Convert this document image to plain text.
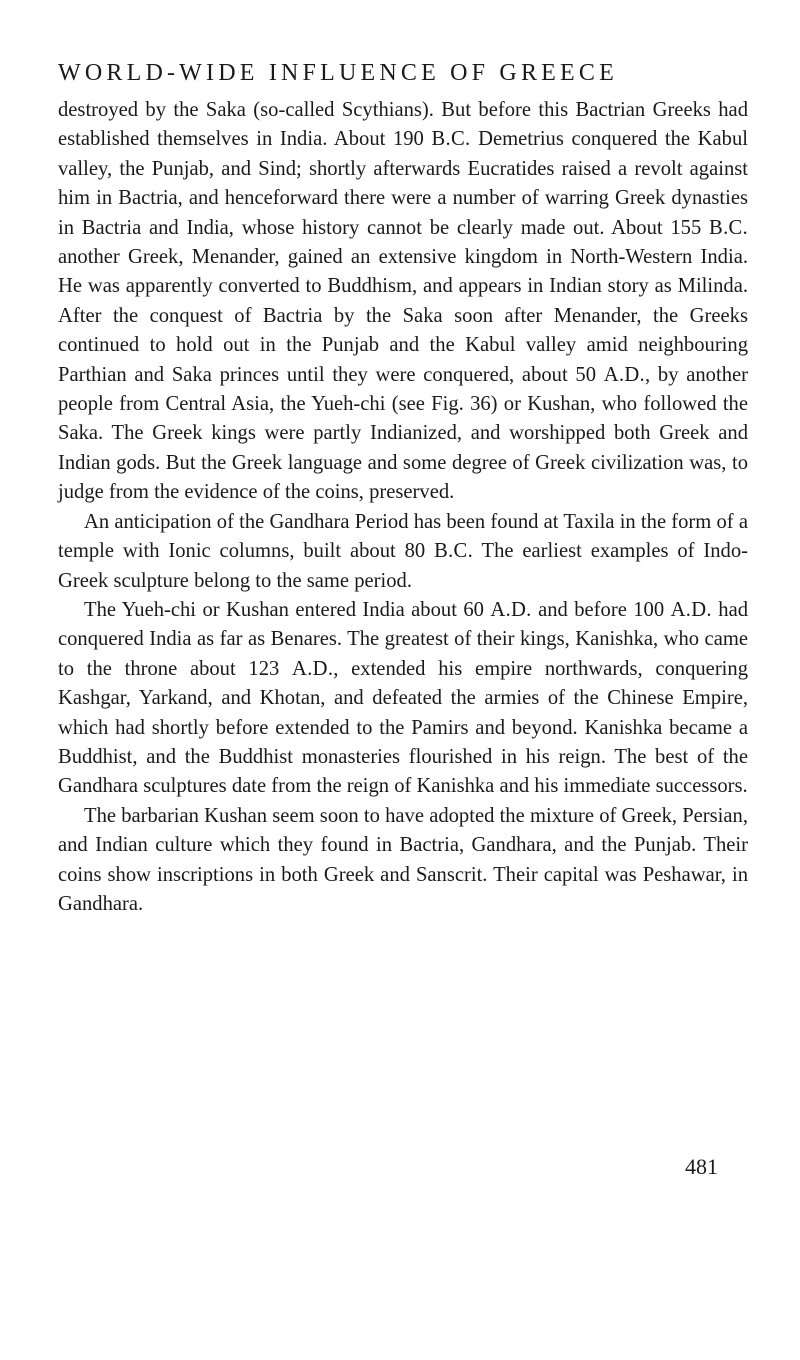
WORLD-WIDE INFLUENCE OF GREECE

destroyed by the Saka (so-called Scythians). But before this Bactrian Greeks had established themselves in India. About 190 B.C. Demetrius conquered the Kabul valley, the Punjab, and Sind; shortly afterwards Eucratides raised a revolt against him in Bactria, and henceforward there were a number of warring Greek dynasties in Bactria and India, whose history cannot be clearly made out. About 155 B.C. another Greek, Menander, gained an extensive kingdom in North-Western India. He was apparently converted to Buddhism, and appears in Indian story as Milinda. After the conquest of Bactria by the Saka soon after Menander, the Greeks continued to hold out in the Punjab and the Kabul valley amid neighbouring Parthian and Saka princes until they were conquered, about 50 A.D., by another people from Central Asia, the Yueh-chi (see Fig. 36) or Kushan, who followed the Saka. The Greek kings were partly Indianized, and worshipped both Greek and Indian gods. But the Greek language and some degree of Greek civilization was, to judge from the evidence of the coins, preserved.

An anticipation of the Gandhara Period has been found at Taxila in the form of a temple with Ionic columns, built about 80 B.C. The earliest examples of Indo-Greek sculpture belong to the same period.

The Yueh-chi or Kushan entered India about 60 A.D. and before 100 A.D. had conquered India as far as Benares. The greatest of their kings, Kanishka, who came to the throne about 123 A.D., extended his empire northwards, conquering Kashgar, Yarkand, and Khotan, and defeated the armies of the Chinese Empire, which had shortly before extended to the Pamirs and beyond. Kanishka became a Buddhist, and the Buddhist monasteries flourished in his reign. The best of the Gandhara sculptures date from the reign of Kanishka and his immediate successors.

The barbarian Kushan seem soon to have adopted the mixture of Greek, Persian, and Indian culture which they found in Bactria, Gandhara, and the Punjab. Their coins show inscriptions in both Greek and Sanscrit. Their capital was Peshawar, in Gandhara.

481
